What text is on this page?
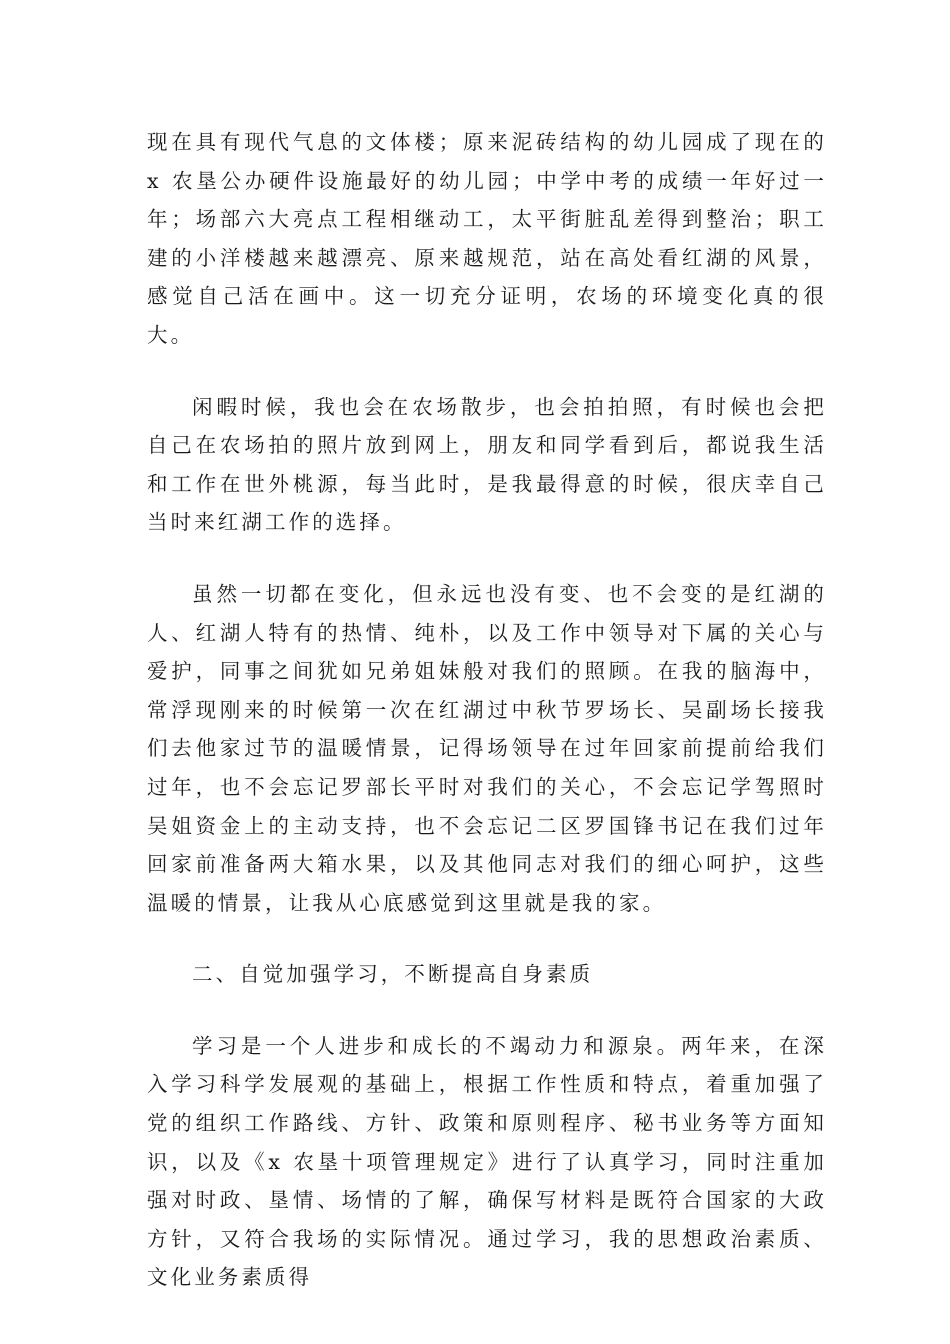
现在具有现代气息的文体楼；原来泥砖结构的幼儿园成了现在的 x 农垦公办硬件设施最好的幼儿园；中学中考的成绩一年好过一年；场部六大亮点工程相继动工，太平街脏乱差得到整治；职工建的小洋楼越来越漂亮、原来越规范，站在高处看红湖的风景，感觉自己活在画中。这一切充分证明，农场的环境变化真的很大。

闲暇时候，我也会在农场散步，也会拍拍照，有时候也会把自己在农场拍的照片放到网上，朋友和同学看到后，都说我生活和工作在世外桃源，每当此时，是我最得意的时候，很庆幸自己当时来红湖工作的选择。

虽然一切都在变化，但永远也没有变、也不会变的是红湖的人、红湖人特有的热情、纯朴，以及工作中领导对下属的关心与爱护，同事之间犹如兄弟姐妹般对我们的照顾。在我的脑海中，常浮现刚来的时候第一次在红湖过中秋节罗场长、吴副场长接我们去他家过节的温暖情景，记得场领导在过年回家前提前给我们过年，也不会忘记罗部长平时对我们的关心，不会忘记学驾照时吴姐资金上的主动支持，也不会忘记二区罗国锋书记在我们过年回家前准备两大箱水果，以及其他同志对我们的细心呵护，这些温暖的情景，让我从心底感觉到这里就是我的家。

二、自觉加强学习，不断提高自身素质

学习是一个人进步和成长的不竭动力和源泉。两年来，在深入学习科学发展观的基础上，根据工作性质和特点，着重加强了党的组织工作路线、方针、政策和原则程序、秘书业务等方面知识，以及《x 农垦十项管理规定》进行了认真学习，同时注重加强对时政、垦情、场情的了解，确保写材料是既符合国家的大政方针，又符合我场的实际情况。通过学习，我的思想政治素质、文化业务素质得
